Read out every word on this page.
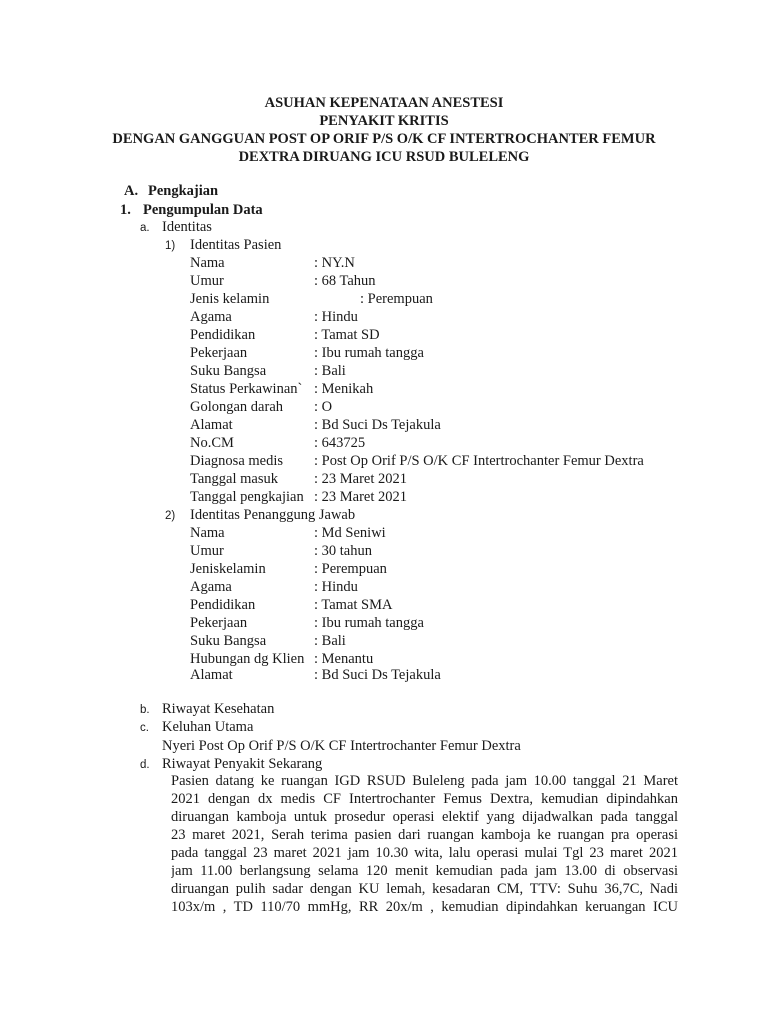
ASUHAN KEPENATAAN ANESTESI
PENYAKIT KRITIS
DENGAN GANGGUAN POST OP ORIF P/S O/K CF INTERTROCHANTER FEMUR
DEXTRA DIRUANG ICU RSUD BULELENG
A. Pengkajian
1. Pengumpulan Data
a. Identitas
1) Identitas Pasien
Nama	: NY.N
Umur	: 68 Tahun
Jenis kelamin	: Perempuan
Agama	: Hindu
Pendidikan	: Tamat SD
Pekerjaan	: Ibu rumah tangga
Suku Bangsa	: Bali
Status Perkawinan` : Menikah
Golongan darah : O
Alamat	: Bd Suci Ds Tejakula
No.CM	: 643725
Diagnosa medis : Post Op Orif P/S O/K CF Intertrochanter Femur Dextra
Tanggal masuk : 23 Maret 2021
Tanggal pengkajian : 23 Maret 2021
2) Identitas Penanggung Jawab
Nama	: Md Seniwi
Umur	: 30 tahun
Jeniskelamin	: Perempuan
Agama	: Hindu
Pendidikan	: Tamat SMA
Pekerjaan	: Ibu rumah tangga
Suku Bangsa	: Bali
Hubungan dg Klien : Menantu
Alamat	: Bd Suci Ds Tejakula
b. Riwayat Kesehatan
c. Keluhan Utama
Nyeri Post Op Orif P/S O/K CF Intertrochanter Femur Dextra
d. Riwayat Penyakit Sekarang
Pasien datang ke ruangan IGD RSUD Buleleng pada jam 10.00 tanggal 21 Maret
2021 dengan dx medis CF Intertrochanter Femus Dextra, kemudian dipindahkan
diruangan kamboja untuk prosedur operasi elektif yang dijadwalkan pada tanggal
23 maret 2021, Serah terima pasien dari ruangan kamboja ke ruangan pra operasi
pada tanggal 23 maret 2021 jam 10.30 wita, lalu operasi mulai Tgl 23 maret 2021
jam 11.00 berlangsung selama 120 menit kemudian pada jam 13.00 di observasi
diruangan pulih sadar dengan KU lemah, kesadaran CM, TTV: Suhu 36,7C, Nadi
103x/m , TD 110/70 mmHg, RR 20x/m , kemudian dipindahkan keruangan ICU
